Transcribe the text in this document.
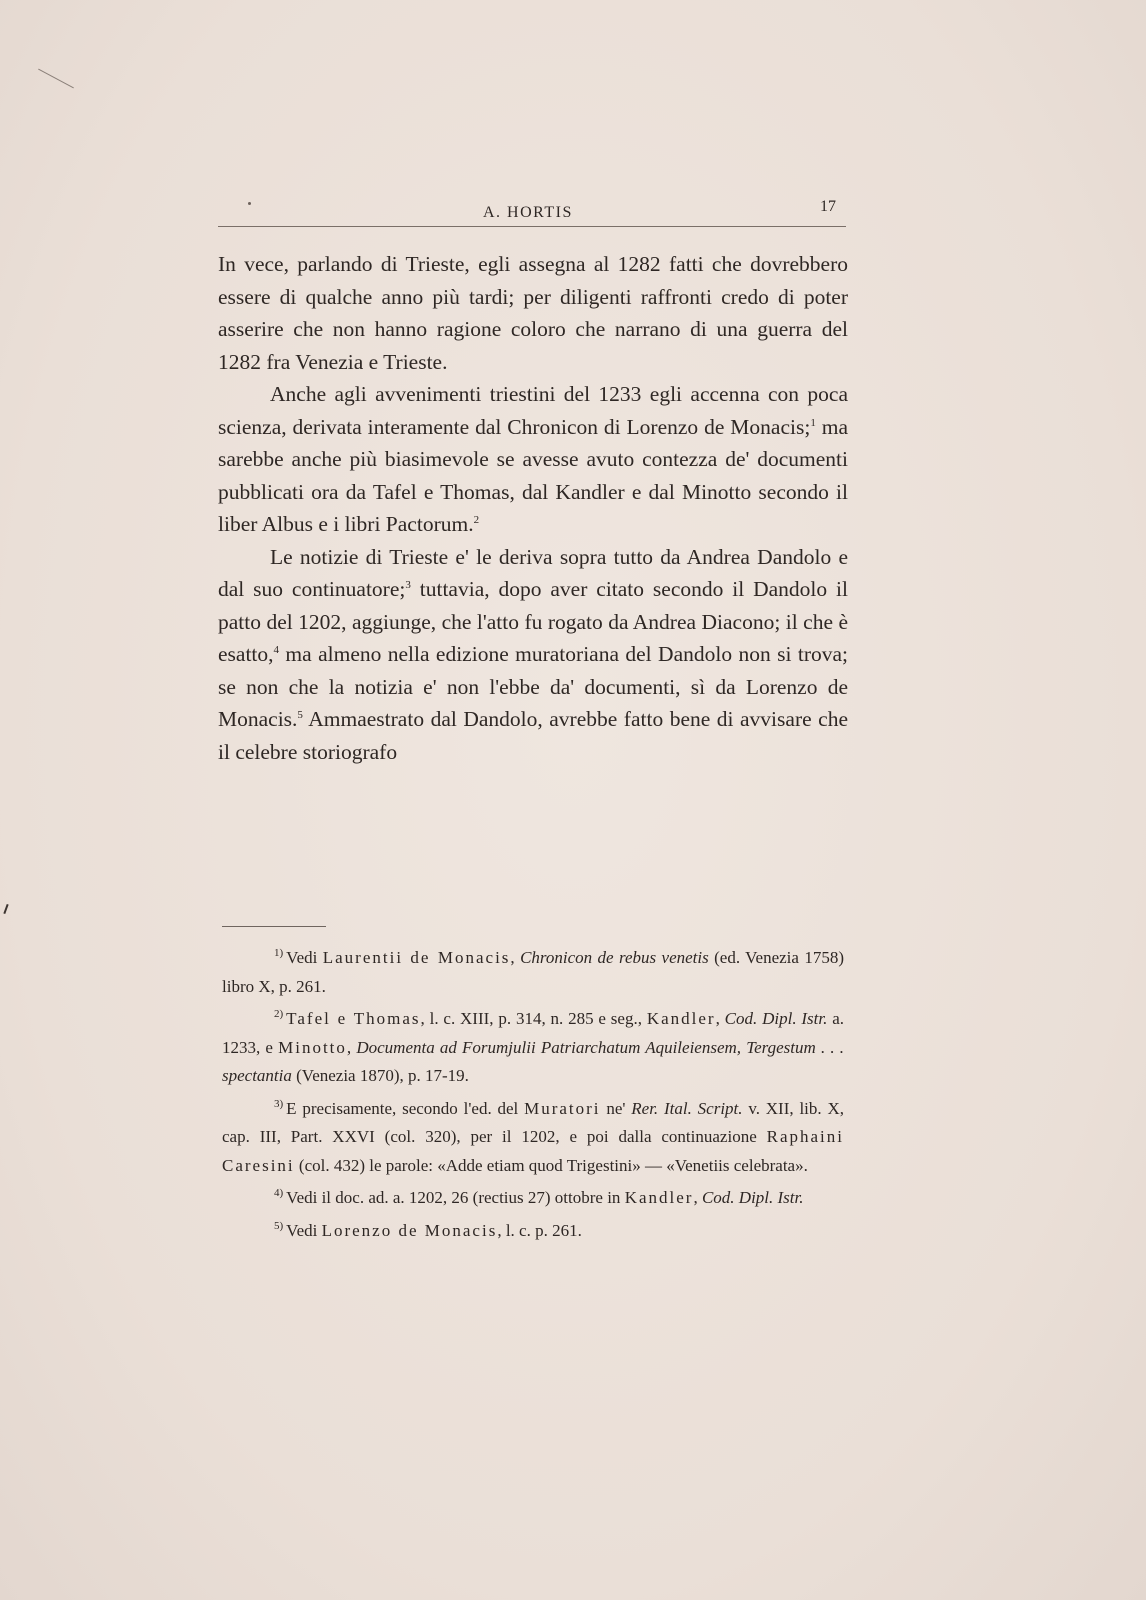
A. HORTIS	17

In vece, parlando di Trieste, egli assegna al 1282 fatti che dovrebbero essere di qualche anno più tardi; per diligenti raffronti credo di poter asserire che non hanno ragione coloro che narrano di una guerra del 1282 fra Venezia e Trieste.

Anche agli avvenimenti triestini del 1233 egli accenna con poca scienza, derivata interamente dal Chronicon di Lorenzo de Monacis;$^1$ ma sarebbe anche più biasimevole se avesse avuto contezza de' documenti pubblicati ora da Tafel e Thomas, dal Kandler e dal Minotto secondo il liber Albus e i libri Pactorum.$^2$

Le notizie di Trieste e' le deriva sopra tutto da Andrea Dandolo e dal suo continuatore;$^3$ tuttavia, dopo aver citato secondo il Dandolo il patto del 1202, aggiunge, che l'atto fu rogato da Andrea Diacono; il che è esatto,$^4$ ma almeno nella edizione muratoriana del Dandolo non si trova; se non che la notizia e' non l'ebbe da' documenti, sì da Lorenzo de Monacis.$^5$ Ammaestrato dal Dandolo, avrebbe fatto bene di avvisare che il celebre storiografo

$^{1)}$ Vedi Laurentii de Monacis, Chronicon de rebus venetis (ed. Venezia 1758) libro X, p. 261.

$^{2)}$ Tafel e Thomas, l. c. XIII, p. 314, n. 285 e seg., Kandler, Cod. Dipl. Istr. a. 1233, e Minotto, Documenta ad Forumjulii Patriarchatum Aquileiensem, Tergestum . . . spectantia (Venezia 1870), p. 17-19.

$^{3)}$ E precisamente, secondo l'ed. del Muratori ne' Rer. Ital. Script. v. XII, lib. X, cap. III, Part. XXVI (col. 320), per il 1202, e poi dalla continuazione Raphaini Caresini (col. 432) le parole: «Adde etiam quod Trigestini» — «Venetiis celebrata».

$^{4)}$ Vedi il doc. ad. a. 1202, 26 (rectius 27) ottobre in Kandler, Cod. Dipl. Istr.

$^{5)}$ Vedi Lorenzo de Monacis, l. c. p. 261.
